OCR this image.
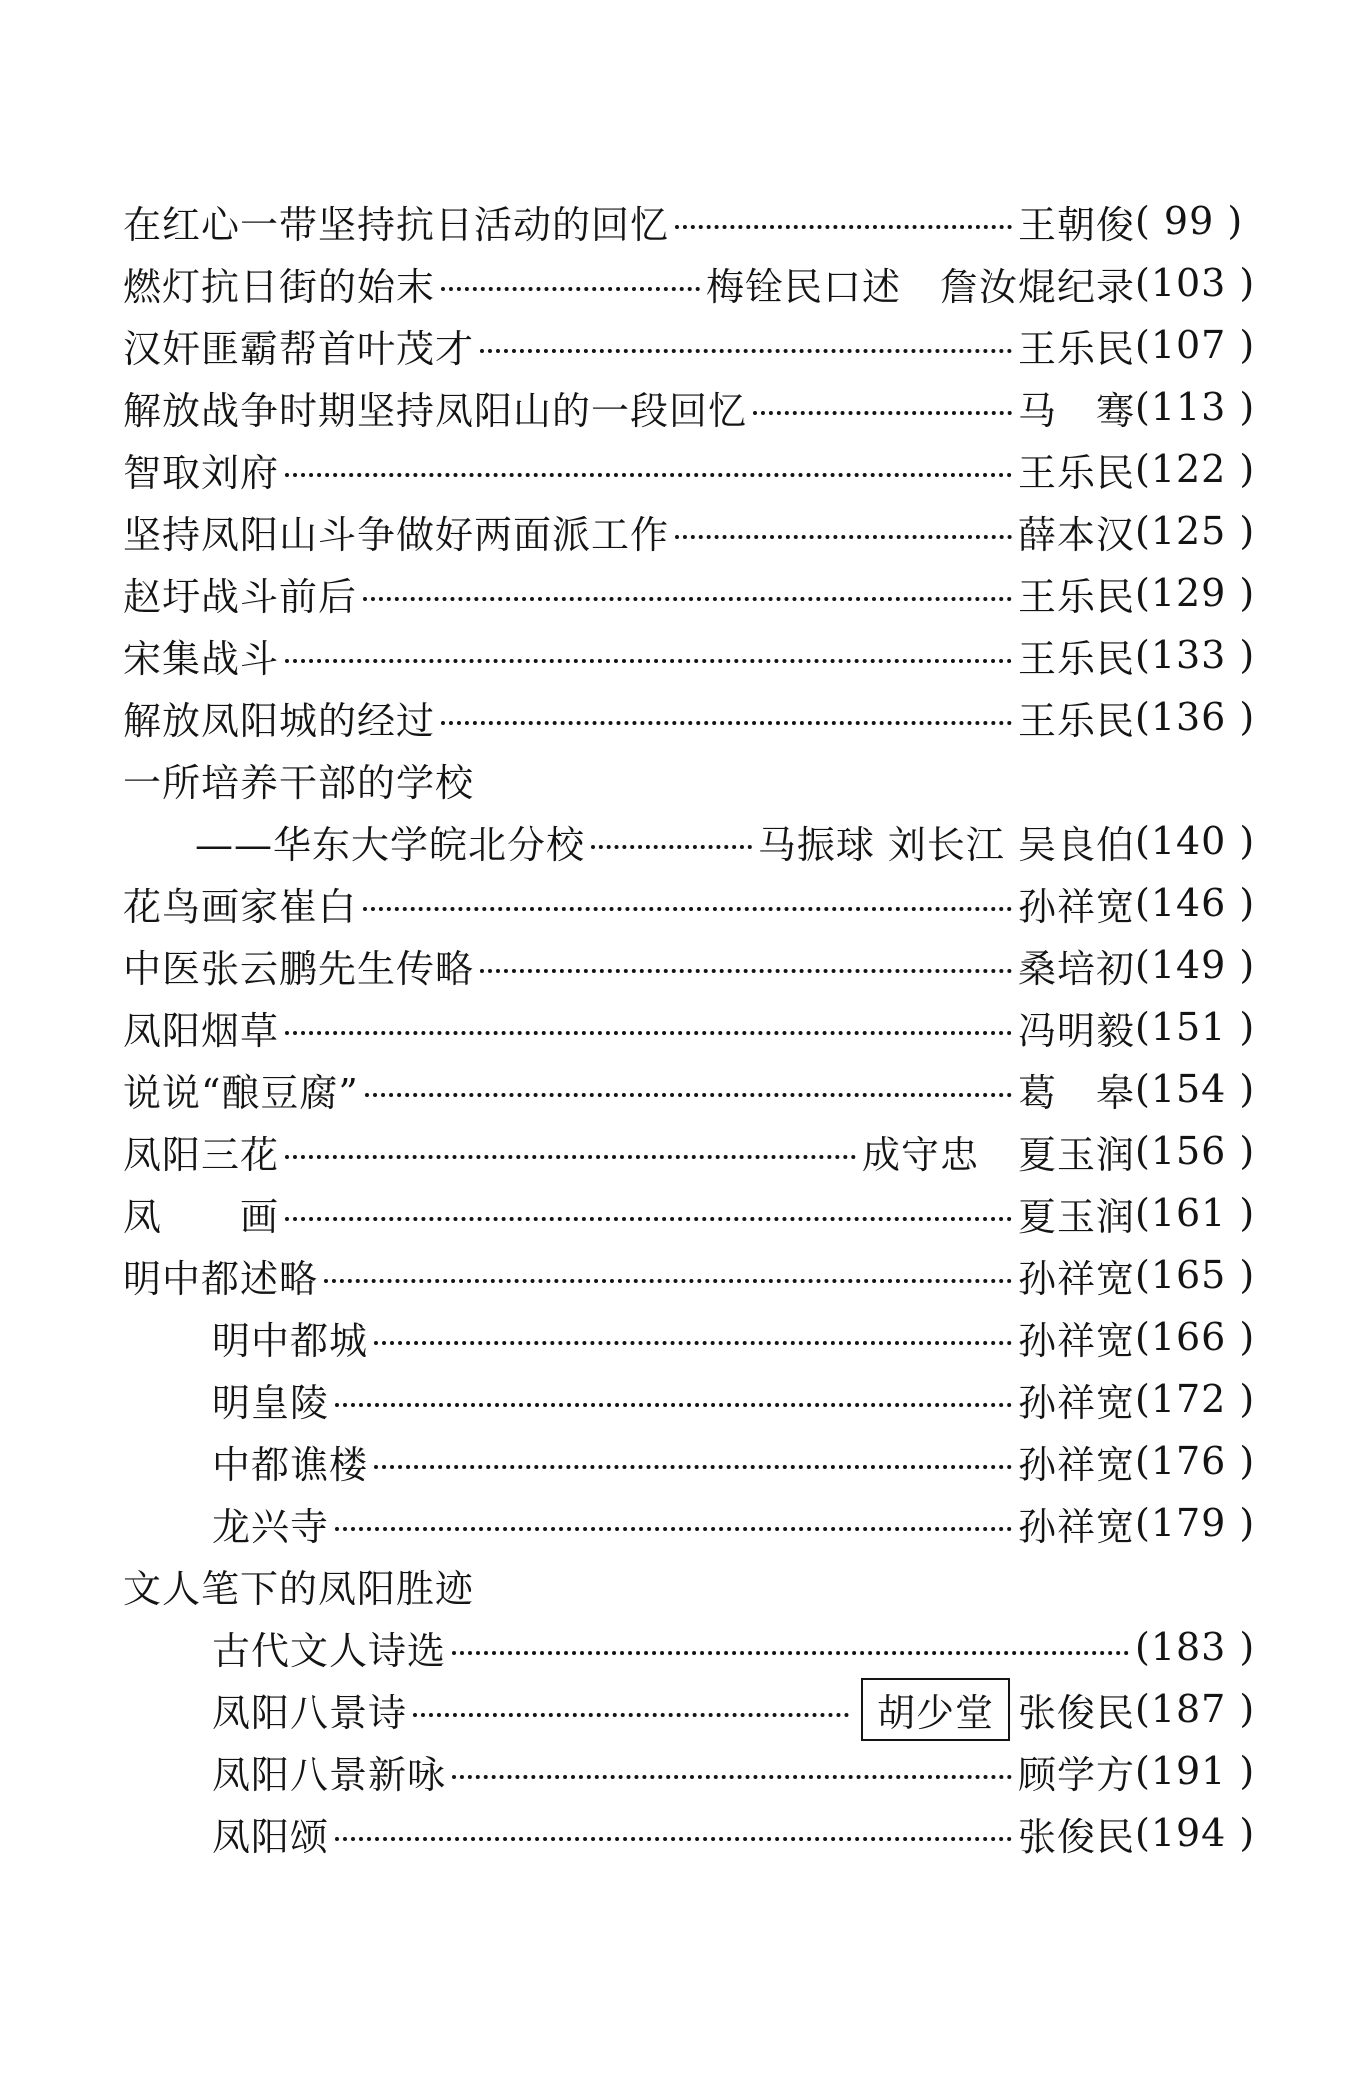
在红心一带坚持抗日活动的回忆	王朝俊 ( 99 )
燃灯抗日街的始末	梅铨民口述　詹汝焜纪录 (103 )
汉奸匪霸帮首叶茂才	王乐民 (107 )
解放战争时期坚持凤阳山的一段回忆	马　骞 (113 )
智取刘府	王乐民 (122 )
坚持凤阳山斗争做好两面派工作	薛本汉 (125 )
赵圩战斗前后	王乐民 (129 )
宋集战斗	王乐民 (133 )
解放凤阳城的经过	王乐民 (136 )
一所培养干部的学校
——华东大学皖北分校	马振球 刘长江 吴良伯 (140 )
花鸟画家崔白	孙祥宽 (146 )
中医张云鹏先生传略	桑培初 (149 )
凤阳烟草	冯明毅 (151 )
说说“酿豆腐”	葛　皋 (154 )
凤阳三花	成守忠　夏玉润 (156 )
凤　　画	夏玉润 (161 )
明中都述略	孙祥宽 (165 )
明中都城	孙祥宽 (166 )
明皇陵	孙祥宽 (172 )
中都谯楼	孙祥宽 (176 )
龙兴寺	孙祥宽 (179 )
文人笔下的凤阳胜迹
古代文人诗选	(183 )
凤阳八景诗	胡少堂 张俊民 (187 )
凤阳八景新咏	顾学方 (191 )
凤阳颂	张俊民 (194 )
